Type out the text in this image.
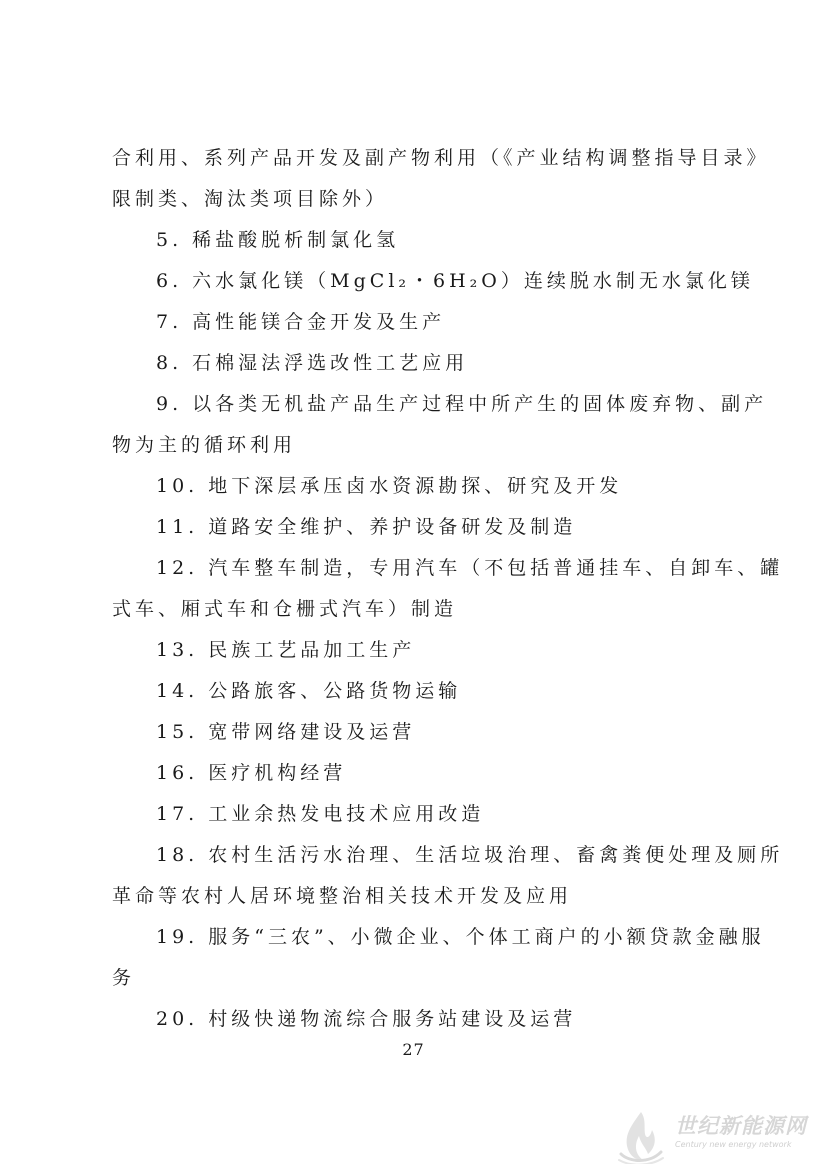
合利用、系列产品开发及副产物利用（《产业结构调整指导目录》
限制类、淘汰类项目除外）
5. 稀盐酸脱析制氯化氢
6. 六水氯化镁（MgCl₂・6H₂O）连续脱水制无水氯化镁
7. 高性能镁合金开发及生产
8. 石棉湿法浮选改性工艺应用
9. 以各类无机盐产品生产过程中所产生的固体废弃物、副产
物为主的循环利用
10. 地下深层承压卤水资源勘探、研究及开发
11. 道路安全维护、养护设备研发及制造
12. 汽车整车制造，专用汽车（不包括普通挂车、自卸车、罐
式车、厢式车和仓栅式汽车）制造
13. 民族工艺品加工生产
14. 公路旅客、公路货物运输
15. 宽带网络建设及运营
16. 医疗机构经营
17. 工业余热发电技术应用改造
18. 农村生活污水治理、生活垃圾治理、畜禽粪便处理及厕所
革命等农村人居环境整治相关技术开发及应用
19. 服务“三农”、小微企业、个体工商户的小额贷款金融服
务
20. 村级快递物流综合服务站建设及运营
27
世纪新能源网
Century new energy network
